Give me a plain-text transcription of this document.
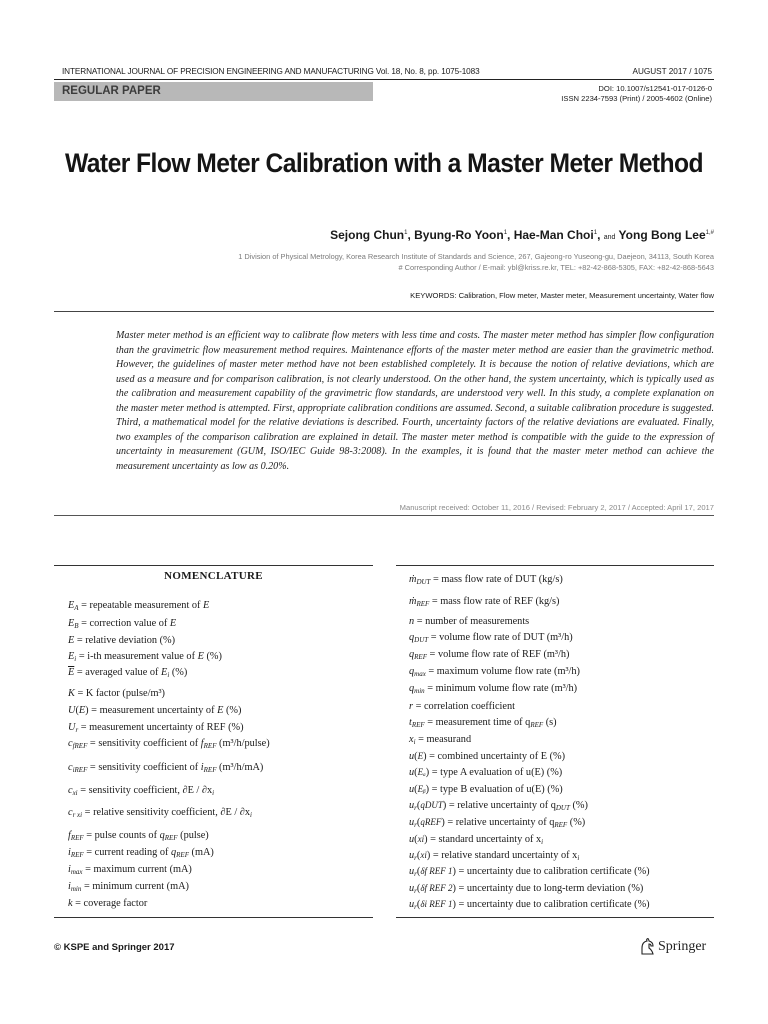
INTERNATIONAL JOURNAL OF PRECISION ENGINEERING AND MANUFACTURING Vol. 18, No. 8, pp. 1075-1083	AUGUST 2017 / 1075
REGULAR PAPER	DOI: 10.1007/s12541-017-0126-0
ISSN 2234-7593 (Print) / 2005-4602 (Online)
Water Flow Meter Calibration with a Master Meter Method
Sejong Chun$^1$, Byung-Ro Yoon$^1$, Hae-Man Choi$^1$, and Yong Bong Lee$^{1,\#}$
1 Division of Physical Metrology, Korea Research Institute of Standards and Science, 267, Gajeong-ro Yuseong-gu, Daejeon, 34113, South Korea
# Corresponding Author / E-mail: ybl@kriss.re.kr, TEL: +82-42-868-5305, FAX: +82-42-868-5643
KEYWORDS: Calibration, Flow meter, Master meter, Measurement uncertainty, Water flow
Master meter method is an efficient way to calibrate flow meters with less time and costs. The master meter method has simpler flow configuration than the gravimetric flow measurement method requires. Maintenance efforts of the master meter method are easier than the gravimetric method. However, the guidelines of master meter method have not been established completely. It is because the notion of relative deviations, which are used as a measure and for comparison calibration, is not clearly understood. On the other hand, the system uncertainty, which is typically used as the calibration and measurement capability of the gravimetric flow standards, are understood very well. In this study, a complete explanation on the master meter method is attempted. First, appropriate calibration conditions are assumed. Second, a suitable calibration procedure is suggested. Third, a mathematical model for the relative deviations is described. Fourth, uncertainty factors of the relative deviations are evaluated. Finally, two examples of the comparison calibration are explained in detail. The master meter method is compatible with the guide to the expression of uncertainty in measurement (GUM, ISO/IEC Guide 98-3:2008). In the examples, it is found that the master meter method can achieve the measurement uncertainty as low as 0.20%.
Manuscript received: October 11, 2016 / Revised: February 2, 2017 / Accepted: April 17, 2017
NOMENCLATURE
EA = repeatable measurement of E
EB = correction value of E
E = relative deviation (%)
Ei = i-th measurement value of E (%)
$\overline{E}$ = averaged value of Ei (%)
K = K factor (pulse/m³)
U(E) = measurement uncertainty of E (%)
Ur = measurement uncertainty of REF (%)
cfREF = sensitivity coefficient of fREF (m³/h/pulse)
ciREF = sensitivity coefficient of iREF (m³/h/mA)
cxi = sensitivity coefficient, ∂E / ∂xi
cr xi = relative sensitivity coefficient, ∂E / ∂xi
fREF = pulse counts of qREF (pulse)
iREF = current reading of qREF (mA)
imax = maximum current (mA)
imin = minimum current (mA)
k = coverage factor
ṁDUT = mass flow rate of DUT (kg/s)
ṁREF = mass flow rate of REF (kg/s)
n = number of measurements
qDUT = volume flow rate of DUT (m³/h)
qREF = volume flow rate of REF (m³/h)
qmax = maximum volume flow rate (m³/h)
qmin = minimum volume flow rate (m³/h)
r = correlation coefficient
tREF = measurement time of qREF (s)
xi = measurand
u(E) = combined uncertainty of E (%)
u(Eₐ) = type A evaluation of u(E) (%)
u(Eᵦ) = type B evaluation of u(E) (%)
ur(qDUT) = relative uncertainty of qDUT (%)
ur(qREF) = relative uncertainty of qREF (%)
u(xi) = standard uncertainty of xi
ur(xi) = relative standard uncertainty of xi
ur(δf REF 1) = uncertainty due to calibration certificate (%)
ur(δf REF 2) = uncertainty due to long-term deviation (%)
ur(δi REF 1) = uncertainty due to calibration certificate (%)
© KSPE and Springer 2017	Springer
